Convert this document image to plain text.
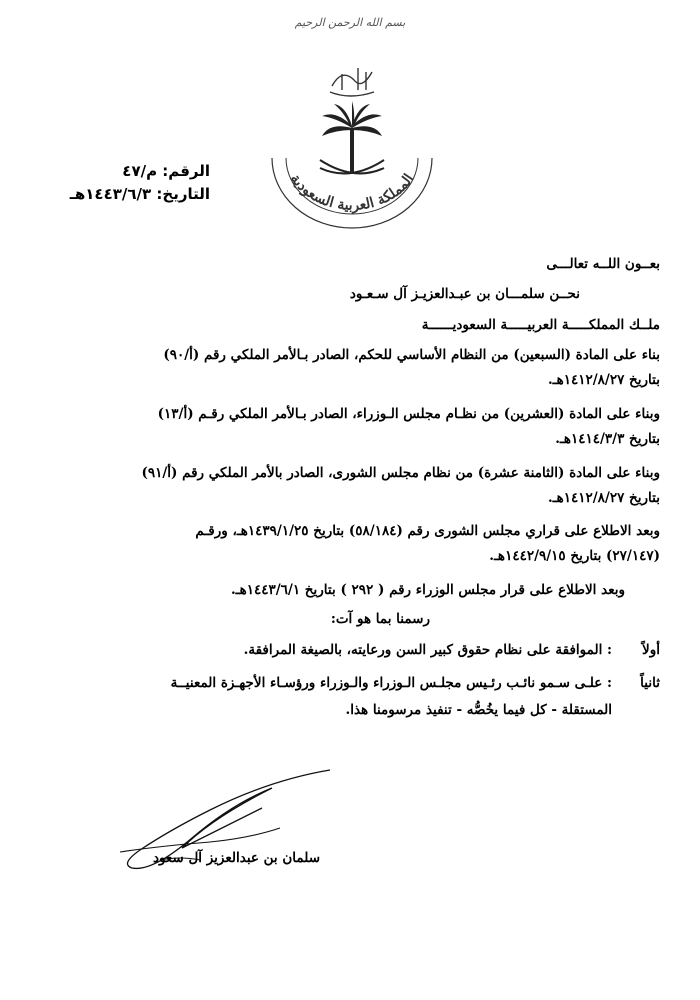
بسم الله الرحمن الرحيم
المملكة العربية السعودية
الرقم: م/٤٧
التاريخ: ١٤٤٣/٦/٣هـ
بعــون اللــه تعالـــى
نحــن سلمـــان بن عبـدالعزيـز آل سـعـود
ملــك المملكـــــة العربيـــــة السعوديــــــة
بناء على المادة (السبعين) من النظام الأساسي للحكم، الصادر بـالأمر الملكي رقم (أ/٩٠)
بتاريخ ١٤١٢/٨/٢٧هـ.
وبناء على المادة (العشرين) من نظـام مجلس الـوزراء، الصادر بـالأمر الملكي رقـم (أ/١٣)
بتاريخ ١٤١٤/٣/٣هـ.
وبناء على المادة (الثامنة عشرة) من نظام مجلس الشورى، الصادر بالأمر الملكي رقم (أ/٩١)
بتاريخ ١٤١٢/٨/٢٧هـ.
وبعد الاطلاع على قراري مجلس الشورى رقم (٥٨/١٨٤) بتاريخ ١٤٣٩/١/٢٥هـ، ورقـم
(٢٧/١٤٧) بتاريخ ١٤٤٢/٩/١٥هـ.
وبعد الاطلاع على قرار مجلس الوزراء رقم ( ٢٩٢ ) بتاريخ ١٤٤٣/٦/١هـ.
رسمنا بما هو آت:
أولاً
: الموافقة على نظام حقوق كبير السن ورعايته، بالصيغة المرافقة.
ثانياً
: علـى سـمو نائـب رئـيس مجلـس الـوزراء والـوزراء ورؤسـاء الأجهـزة المعنيــة
المستقلة - كل فيما يخُصُّه - تنفيذ مرسومنا هذا.
سلمان بن عبدالعزيز آل سعود
